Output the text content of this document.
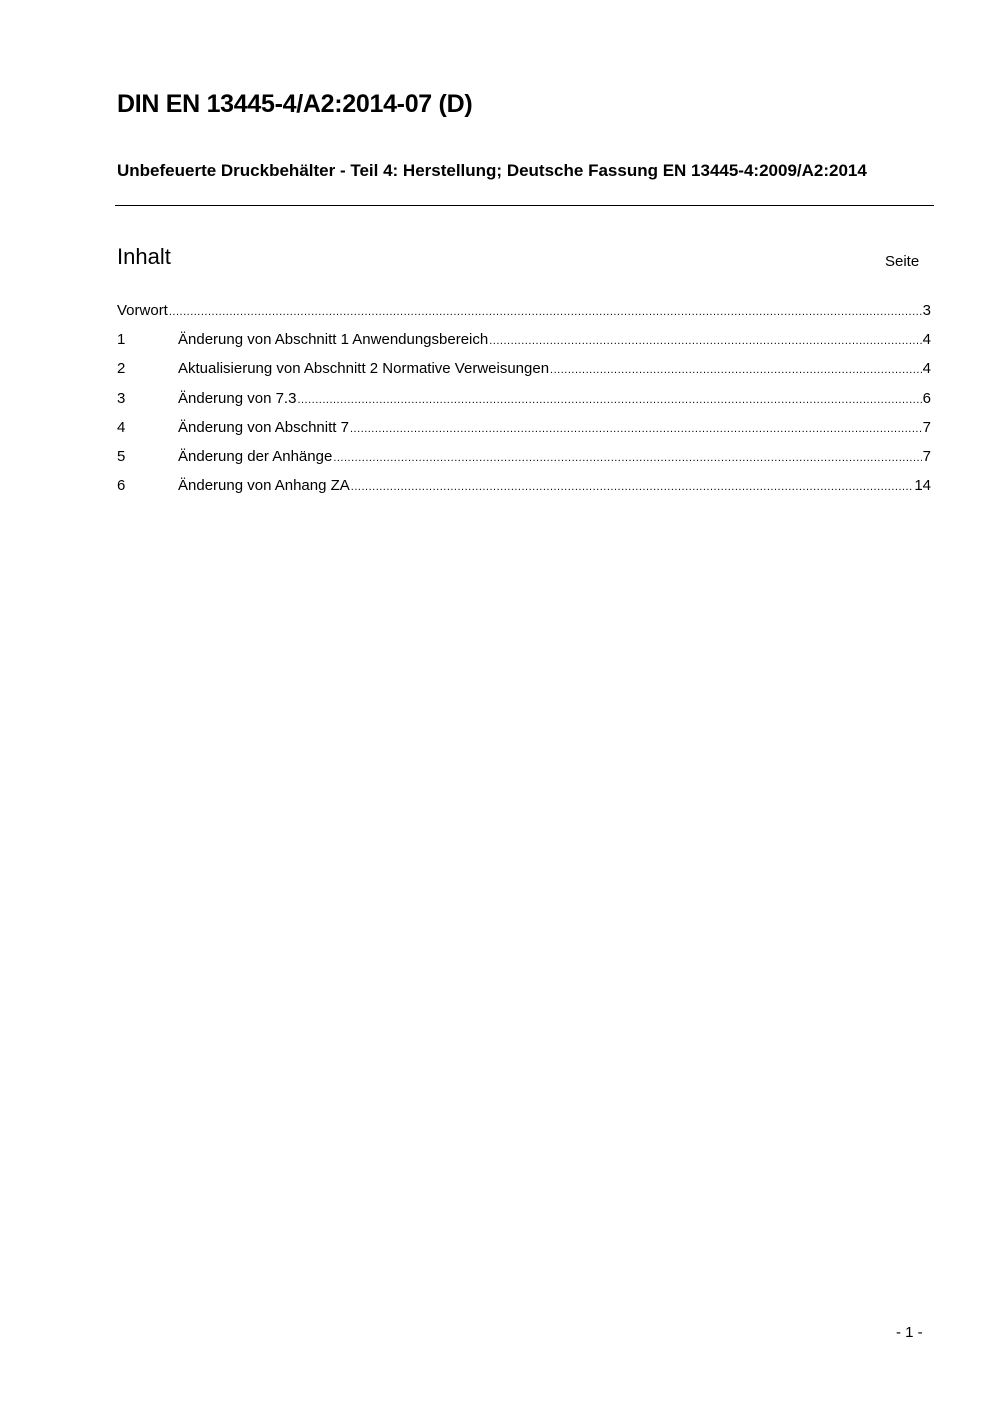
DIN EN 13445-4/A2:2014-07 (D)
Unbefeuerte Druckbehälter - Teil 4: Herstellung; Deutsche Fassung EN 13445-4:2009/A2:2014
Inhalt	Seite
Vorwort .....	3
1	Änderung von Abschnitt 1 Anwendungsbereich .....	4
2	Aktualisierung von Abschnitt 2 Normative Verweisungen .....	4
3	Änderung von 7.3 .....	6
4	Änderung von Abschnitt 7 .....	7
5	Änderung der Anhänge .....	7
6	Änderung von Anhang ZA .....	14
- 1 -
